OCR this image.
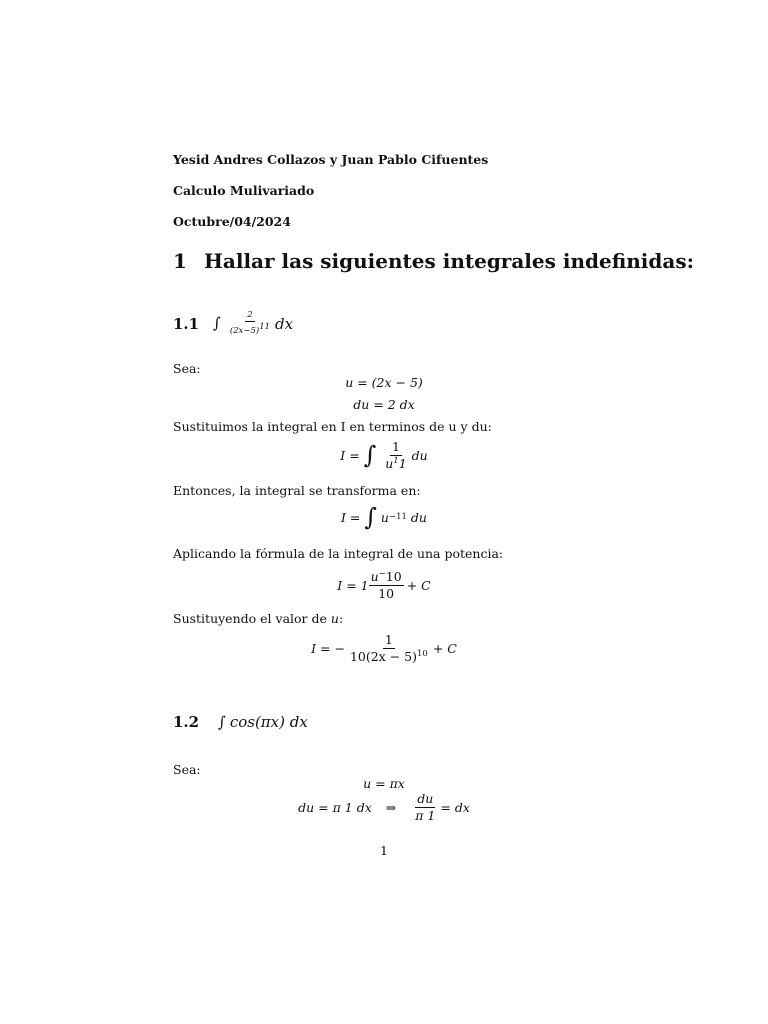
Yesid Andres Collazos y Juan Pablo Cifuentes
Calculo Mulivariado
Octubre/04/2024
1 Hallar las siguientes integrales indefinidas:
1.1 ∫ $\frac{2}{(2x-5)^{11}}$ dx
Sea:
u = (2x − 5)
du = 2 dx
Sustituimos la integral en I en terminos de u y du:
I = ∫ $\frac{1}{u^11}$ du
Entonces, la integral se transforma en:
I = ∫ u −11 du
Aplicando la fórmula de la integral de una potencia:
$I = 1 \frac{u^-10}{10} + C$
Sustituyendo el valor de u:
I = − $\frac{1}{10(2x - 5)^{10}} + C$
1.2	∫ cos(πx) dx
Sea:
u = πx
du = π 1 dx ⇒ $\frac{du}{\pi 1}$ = dx
1
